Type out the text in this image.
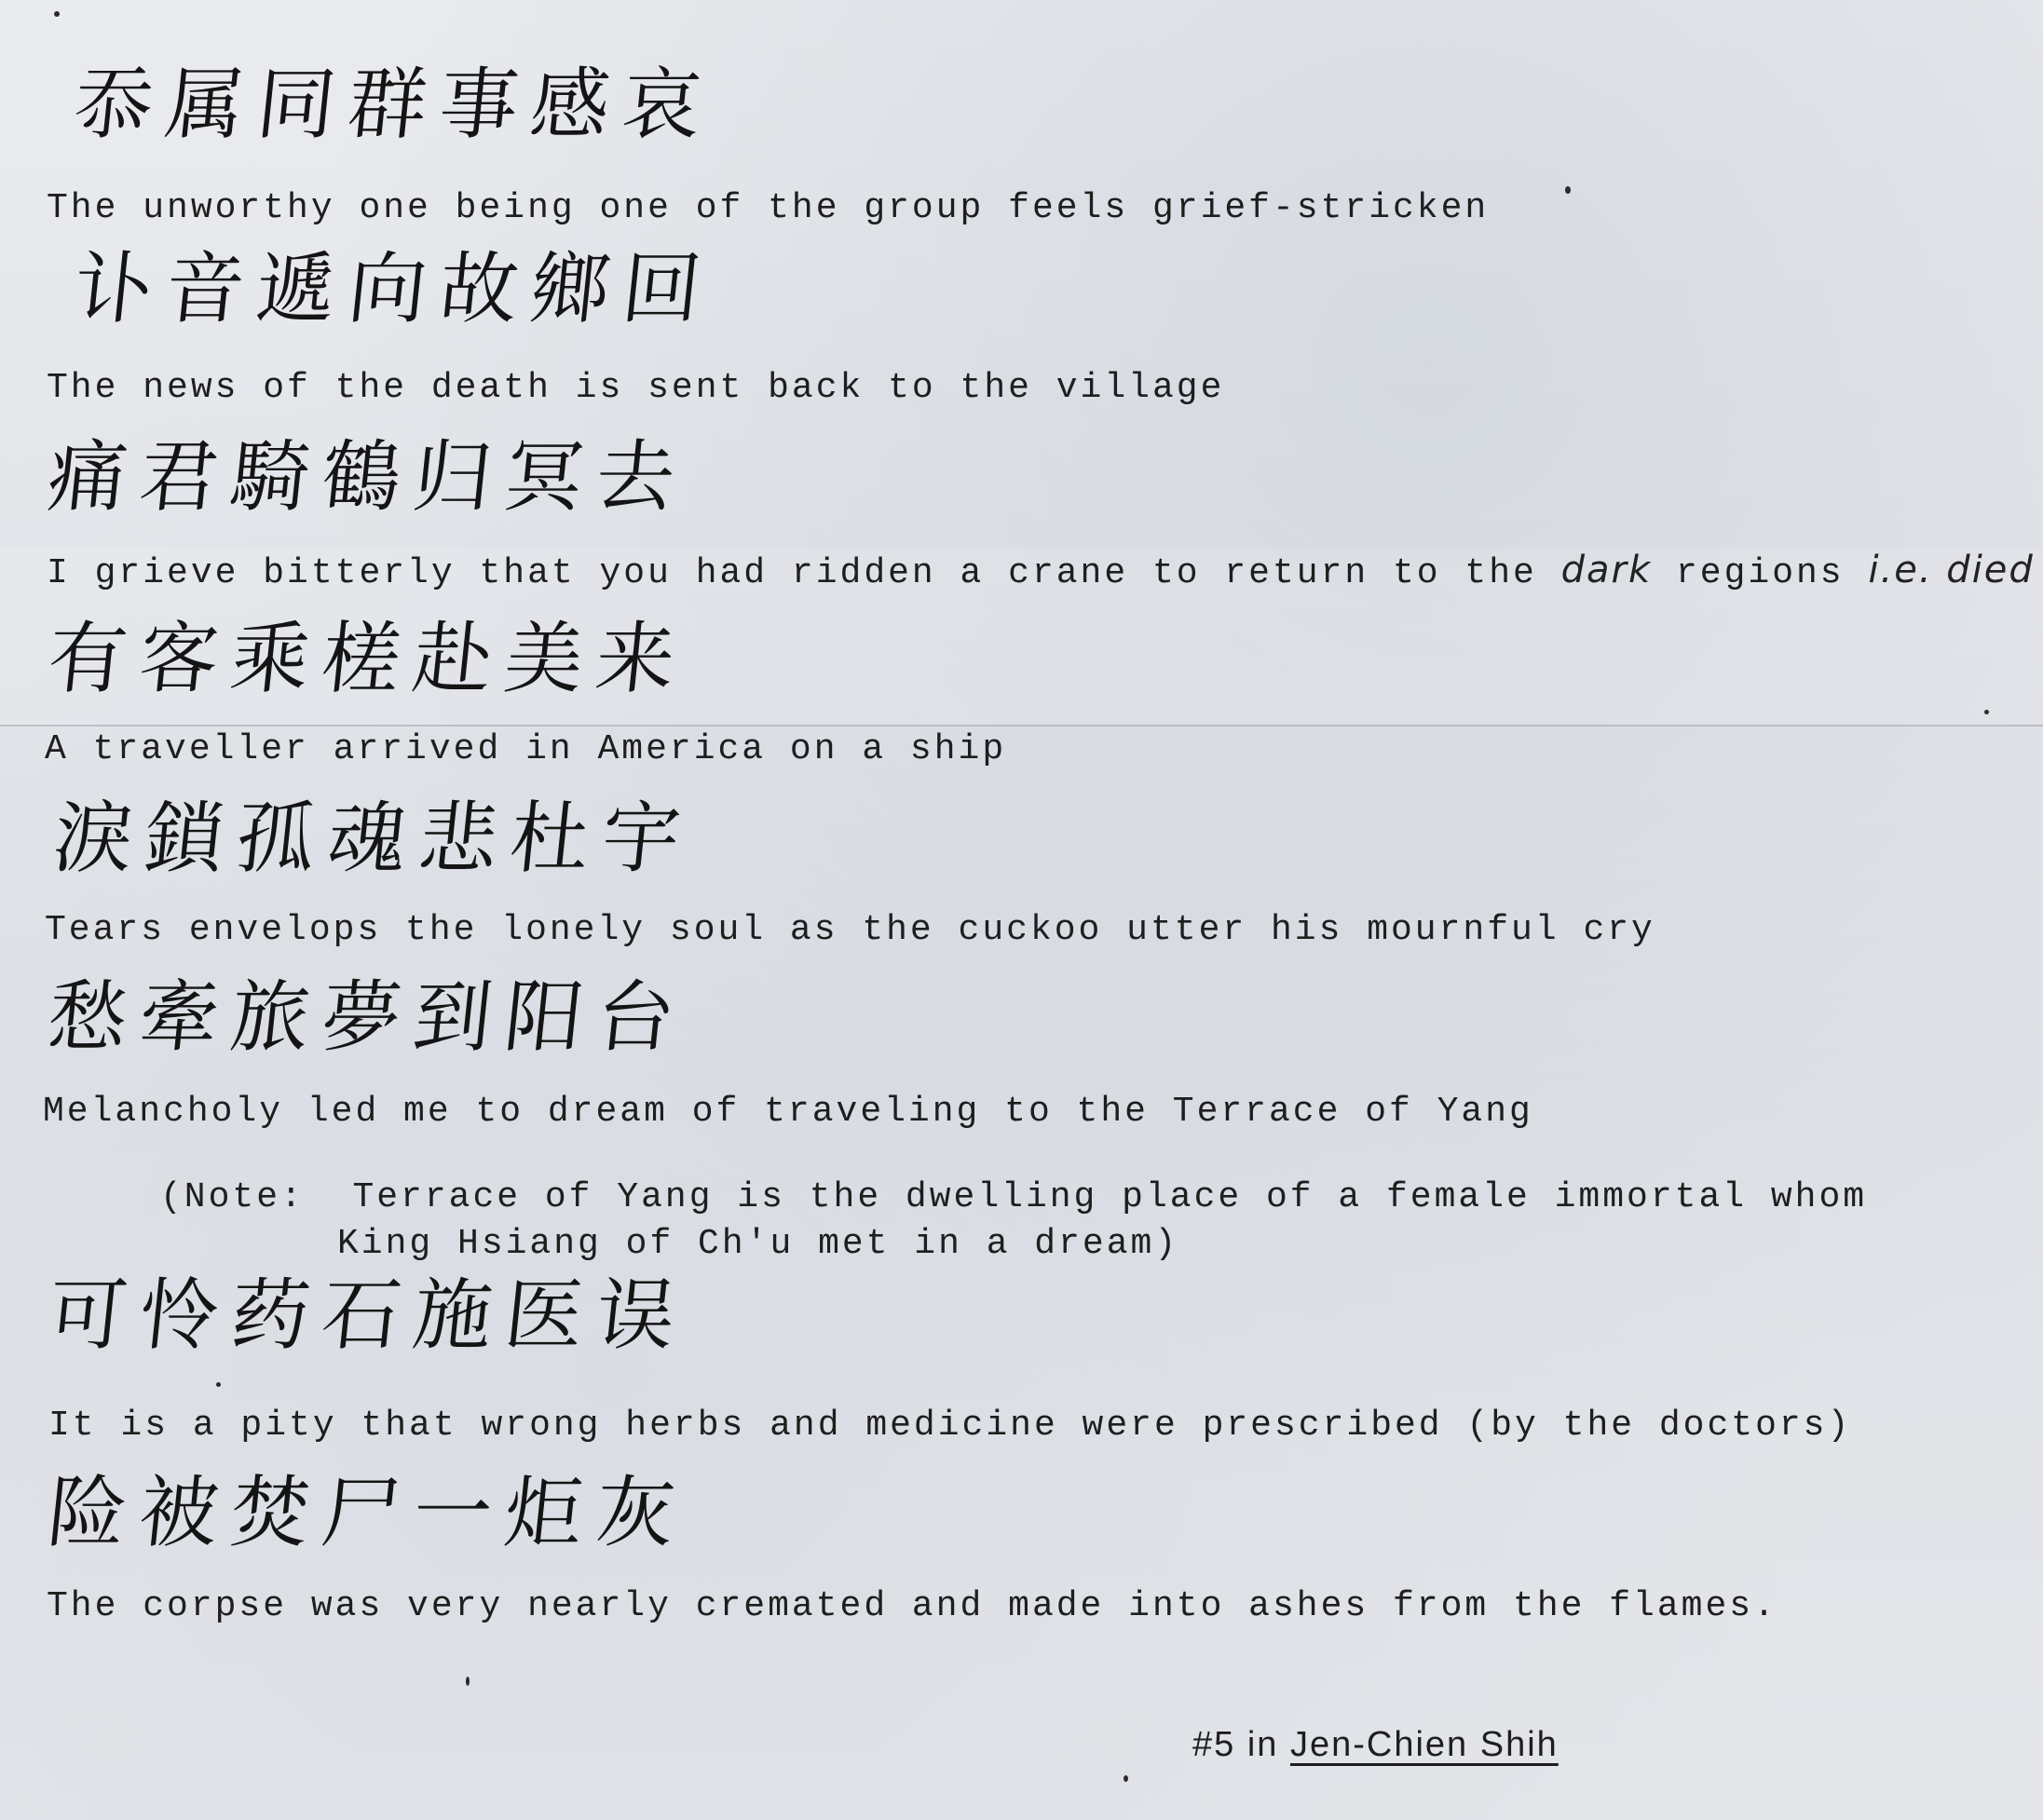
忝属同群事感哀
The unworthy one being one of the group feels grief-stricken
讣音遞向故鄉回
The news of the death is sent back to the village
痛君騎鶴归冥去
I grieve bitterly that you had ridden a crane to return to the dark regions i.e. died
有客乘槎赴美来
A traveller arrived in America on a ship
淚鎖孤魂悲杜宇
Tears envelops the lonely soul as the cuckoo utter his mournful cry
愁牽旅夢到阳台
Melancholy led me to dream of traveling to the Terrace of Yang
(Note: Terrace of Yang is the dwelling place of a female immortal whom
King Hsiang of Ch'u met in a dream)
可怜药石施医误
It is a pity that wrong herbs and medicine were prescribed (by the doctors)
险被焚尸一炬灰
The corpse was very nearly cremated and made into ashes from the flames.
#5 in Jen-Chien Shih
